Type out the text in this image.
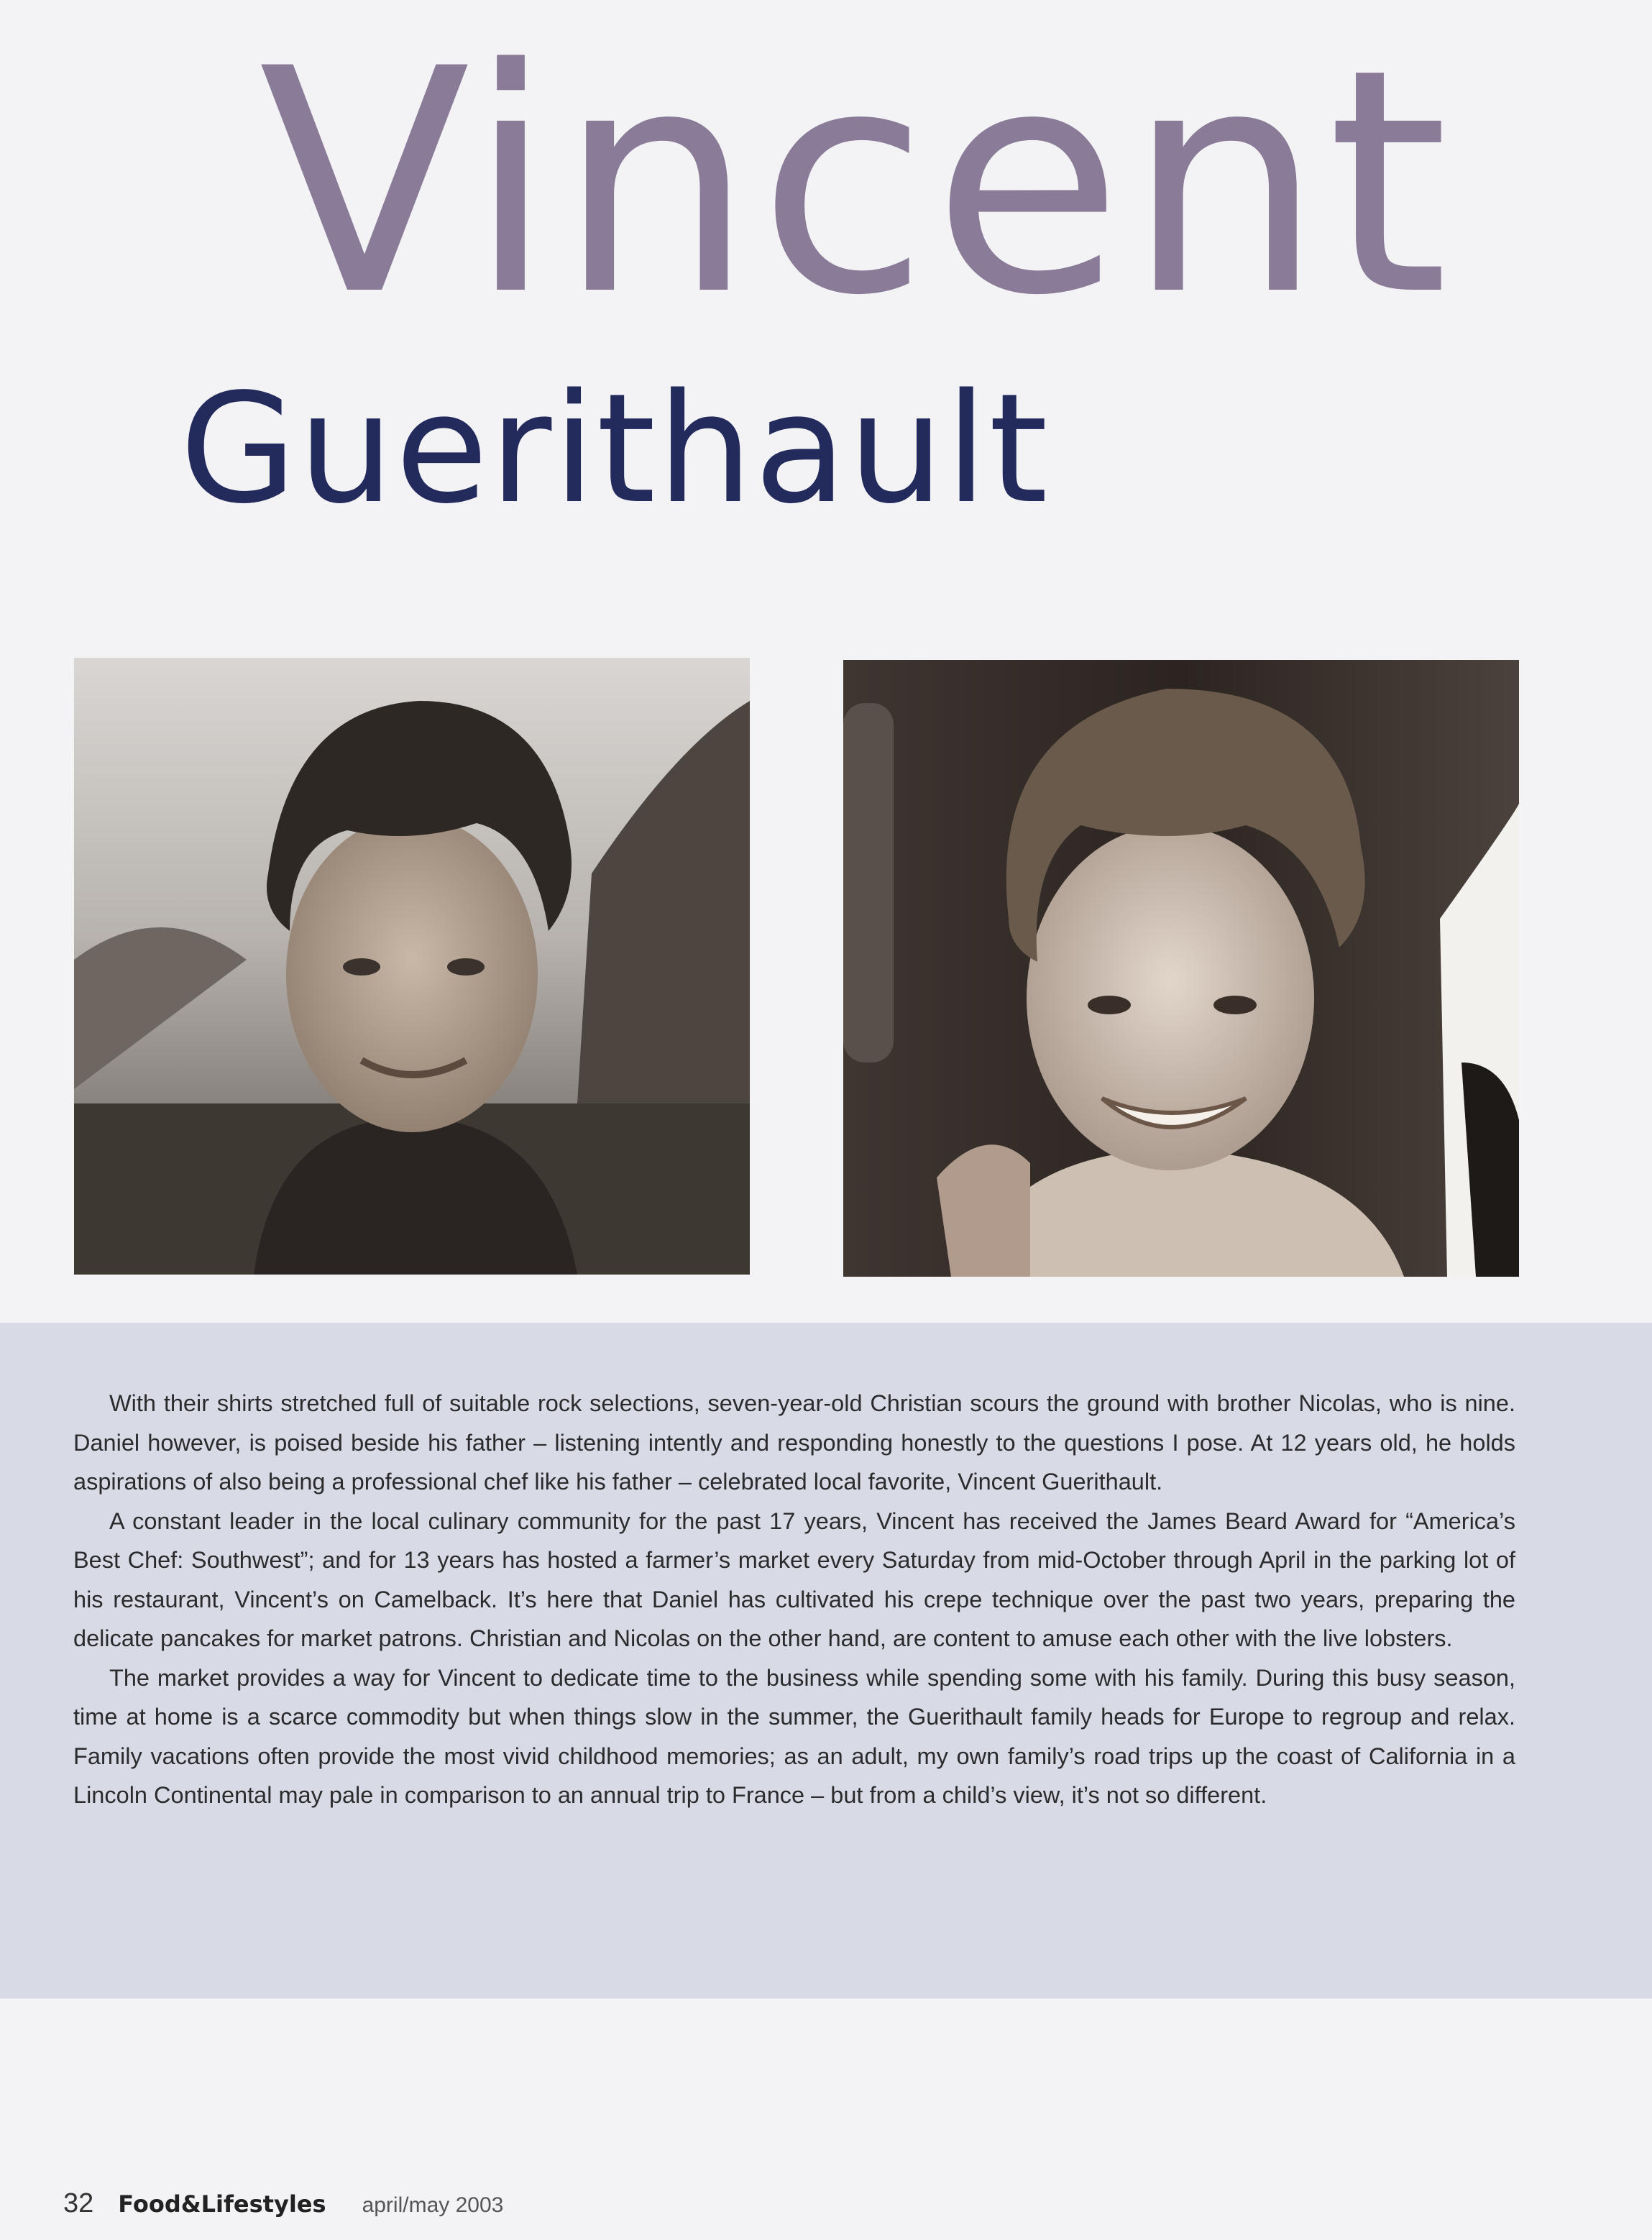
Vincent
Guerithault

With their shirts stretched full of suitable rock selections, seven-year-old Christian scours the ground with brother Nicolas, who is nine. Daniel however, is poised beside his father – listening intently and responding honestly to the questions I pose. At 12 years old, he holds aspirations of also being a professional chef like his father – celebrated local favorite, Vincent Guerithault.

A constant leader in the local culinary community for the past 17 years, Vincent has received the James Beard Award for “America’s Best Chef: Southwest”; and for 13 years has hosted a farmer’s market every Saturday from mid-October through April in the parking lot of his restaurant, Vincent’s on Camelback. It’s here that Daniel has cultivated his crepe technique over the past two years, preparing the delicate pancakes for market patrons. Christian and Nicolas on the other hand, are content to amuse each other with the live lobsters.

The market provides a way for Vincent to dedicate time to the business while spending some with his family. During this busy season, time at home is a scarce commodity but when things slow in the summer, the Guerithault family heads for Europe to regroup and relax. Family vacations often provide the most vivid childhood memories; as an adult, my own family’s road trips up the coast of California in a Lincoln Continental may pale in comparison to an annual trip to France – but from a child’s view, it’s not so different.

32 Food&Lifestyles april/may 2003
